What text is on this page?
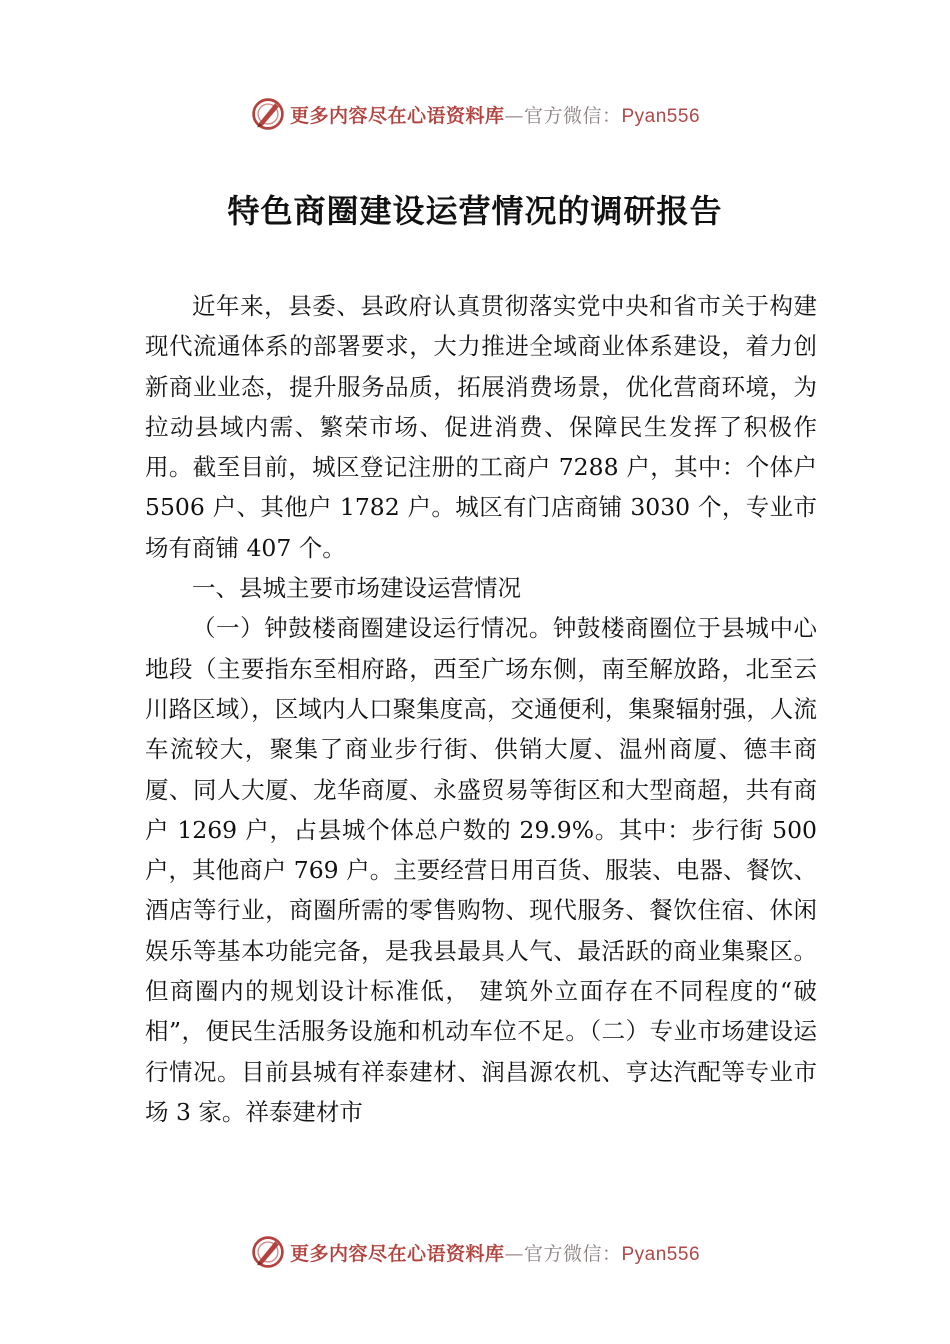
更多内容尽在心语资料库—官方微信：Pyan556
特色商圈建设运营情况的调研报告

近年来，县委、县政府认真贯彻落实党中央和省市关于构建现代流通体系的部署要求，大力推进全域商业体系建设，着力创新商业业态，提升服务品质，拓展消费场景，优化营商环境，为拉动县域内需、繁荣市场、促进消费、保障民生发挥了积极作用。截至目前，城区登记注册的工商户 7288 户，其中：个体户 5506 户、其他户 1782 户。城区有门店商铺 3030 个，专业市场有商铺 407 个。

一、县城主要市场建设运营情况

（一）钟鼓楼商圈建设运行情况。钟鼓楼商圈位于县城中心地段（主要指东至相府路，西至广场东侧，南至解放路，北至云川路区域），区域内人口聚集度高，交通便利，集聚辐射强，人流车流较大，聚集了商业步行街、供销大厦、温州商厦、德丰商厦、同人大厦、龙华商厦、永盛贸易等街区和大型商超，共有商户 1269 户，占县城个体总户数的 29.9%。其中：步行街 500 户，其他商户 769 户。主要经营日用百货、服装、电器、餐饮、酒店等行业，商圈所需的零售购物、现代服务、餐饮住宿、休闲娱乐等基本功能完备，是我县最具人气、最活跃的商业集聚区。但商圈内的规划设计标准低， 建筑外立面存在不同程度的“破相”，便民生活服务设施和机动车位不足。（二）专业市场建设运行情况。目前县城有祥泰建材、润昌源农机、亨达汽配等专业市场 3 家。祥泰建材市

更多内容尽在心语资料库—官方微信：Pyan556
